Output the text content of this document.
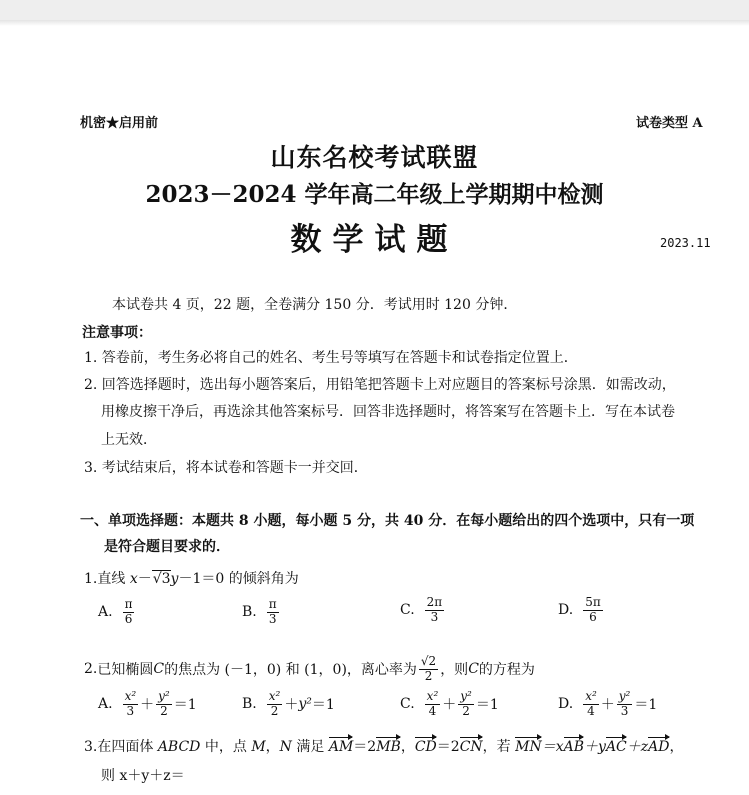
机密★启用前	试卷类型 A
山东名校考试联盟
2023－2024 学年高二年级上学期期中检测
数学试题	2023.11
本试卷共 4 页，22 题，全卷满分 150 分．考试用时 120 分钟．
注意事项：
1. 答卷前，考生务必将自己的姓名、考生号等填写在答题卡和试卷指定位置上．
2. 回答选择题时，选出每小题答案后，用铅笔把答题卡上对应题目的答案标号涂黑．如需改动，
用橡皮擦干净后，再选涂其他答案标号．回答非选择题时，将答案写在答题卡上．写在本试卷
上无效．
3. 考试结束后，将本试卷和答题卡一并交回．
一、单项选择题：本题共 8 小题，每小题 5 分，共 40 分．在每小题给出的四个选项中，只有一项
是符合题目要求的．
1.直线 x－√3y－1＝0 的倾斜角为
A. $\frac{\pi}{6}$	B. $\frac{\pi}{3}$	C. $\frac{2\pi}{3}$	D. $\frac{5\pi}{6}$
2. 已知椭圆 C 的焦点为 (－1，0) 和 (1，0)，离心率为 $\frac{√2}{2}$ ，则 C 的方程为
A. $\frac{\text{x²}}{3} + \frac{\text{y²}}{2} =1$	B. $\frac{\text{x²}}{2} + y^2 =1$	C. $\frac{\text{x²}}{4} + \frac{\text{y²}}{2} =1$	D. $\frac{\text{x²}}{4} + \frac{\text{y²}}{3} =1$
3.在四面体 ABCD 中，点 M，N 满足 AM＝2MB，CD＝2CN，若 MN＝xAB＋yAC＋zAD，
则 x＋y＋z＝
